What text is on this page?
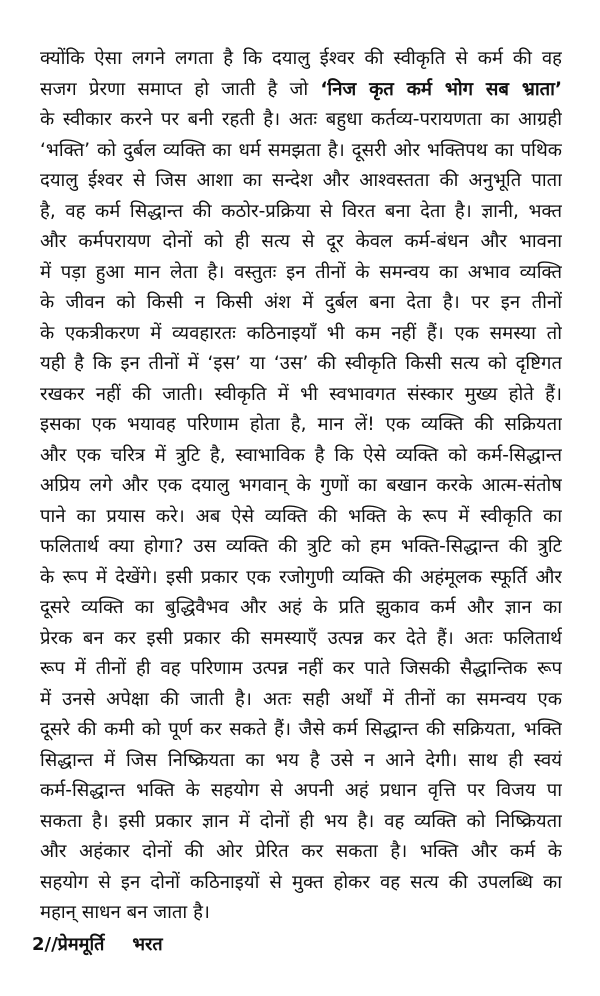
क्योंकि ऐसा लगने लगता है कि दयालु ईश्वर की स्वीकृति से कर्म की वह
सजग प्रेरणा समाप्त हो जाती है जो ‘निज कृत कर्म भोग सब भ्राता’
के स्वीकार करने पर बनी रहती है। अतः बहुधा कर्तव्य-परायणता का आग्रही
‘भक्ति’ को दुर्बल व्यक्ति का धर्म समझता है। दूसरी ओर भक्तिपथ का पथिक
दयालु ईश्वर से जिस आशा का सन्देश और आश्वस्तता की अनुभूति पाता
है, वह कर्म सिद्धान्त की कठोर-प्रक्रिया से विरत बना देता है। ज्ञानी, भक्त
और कर्मपरायण दोनों को ही सत्य से दूर केवल कर्म-बंधन और भावना
में पड़ा हुआ मान लेता है। वस्तुतः इन तीनों के समन्वय का अभाव व्यक्ति
के जीवन को किसी न किसी अंश में दुर्बल बना देता है। पर इन तीनों
के एकत्रीकरण में व्यवहारतः कठिनाइयाँ भी कम नहीं हैं। एक समस्या तो
यही है कि इन तीनों में ‘इस’ या ‘उस’ की स्वीकृति किसी सत्य को दृष्टिगत
रखकर नहीं की जाती। स्वीकृति में भी स्वभावगत संस्कार मुख्य होते हैं।
इसका एक भयावह परिणाम होता है, मान लें! एक व्यक्ति की सक्रियता
और एक चरित्र में त्रुटि है, स्वाभाविक है कि ऐसे व्यक्ति को कर्म-सिद्धान्त
अप्रिय लगे और एक दयालु भगवान् के गुणों का बखान करके आत्म-संतोष
पाने का प्रयास करे। अब ऐसे व्यक्ति की भक्ति के रूप में स्वीकृति का
फलितार्थ क्या होगा? उस व्यक्ति की त्रुटि को हम भक्ति-सिद्धान्त की त्रुटि
के रूप में देखेंगे। इसी प्रकार एक रजोगुणी व्यक्ति की अहंमूलक स्फूर्ति और
दूसरे व्यक्ति का बुद्धिवैभव और अहं के प्रति झुकाव कर्म और ज्ञान का
प्रेरक बन कर इसी प्रकार की समस्याएँ उत्पन्न कर देते हैं। अतः फलितार्थ
रूप में तीनों ही वह परिणाम उत्पन्न नहीं कर पाते जिसकी सैद्धान्तिक रूप
में उनसे अपेक्षा की जाती है। अतः सही अर्थों में तीनों का समन्वय एक
दूसरे की कमी को पूर्ण कर सकते हैं। जैसे कर्म सिद्धान्त की सक्रियता, भक्ति
सिद्धान्त में जिस निष्क्रियता का भय है उसे न आने देगी। साथ ही स्वयं
कर्म-सिद्धान्त भक्ति के सहयोग से अपनी अहं प्रधान वृत्ति पर विजय पा
सकता है। इसी प्रकार ज्ञान में दोनों ही भय है। वह व्यक्ति को निष्क्रियता
और अहंकार दोनों की ओर प्रेरित कर सकता है। भक्ति और कर्म के
सहयोग से इन दोनों कठिनाइयों से मुक्त होकर वह सत्य की उपलब्धि का
महान् साधन बन जाता है।
2//प्रेममूर्ति भरत
